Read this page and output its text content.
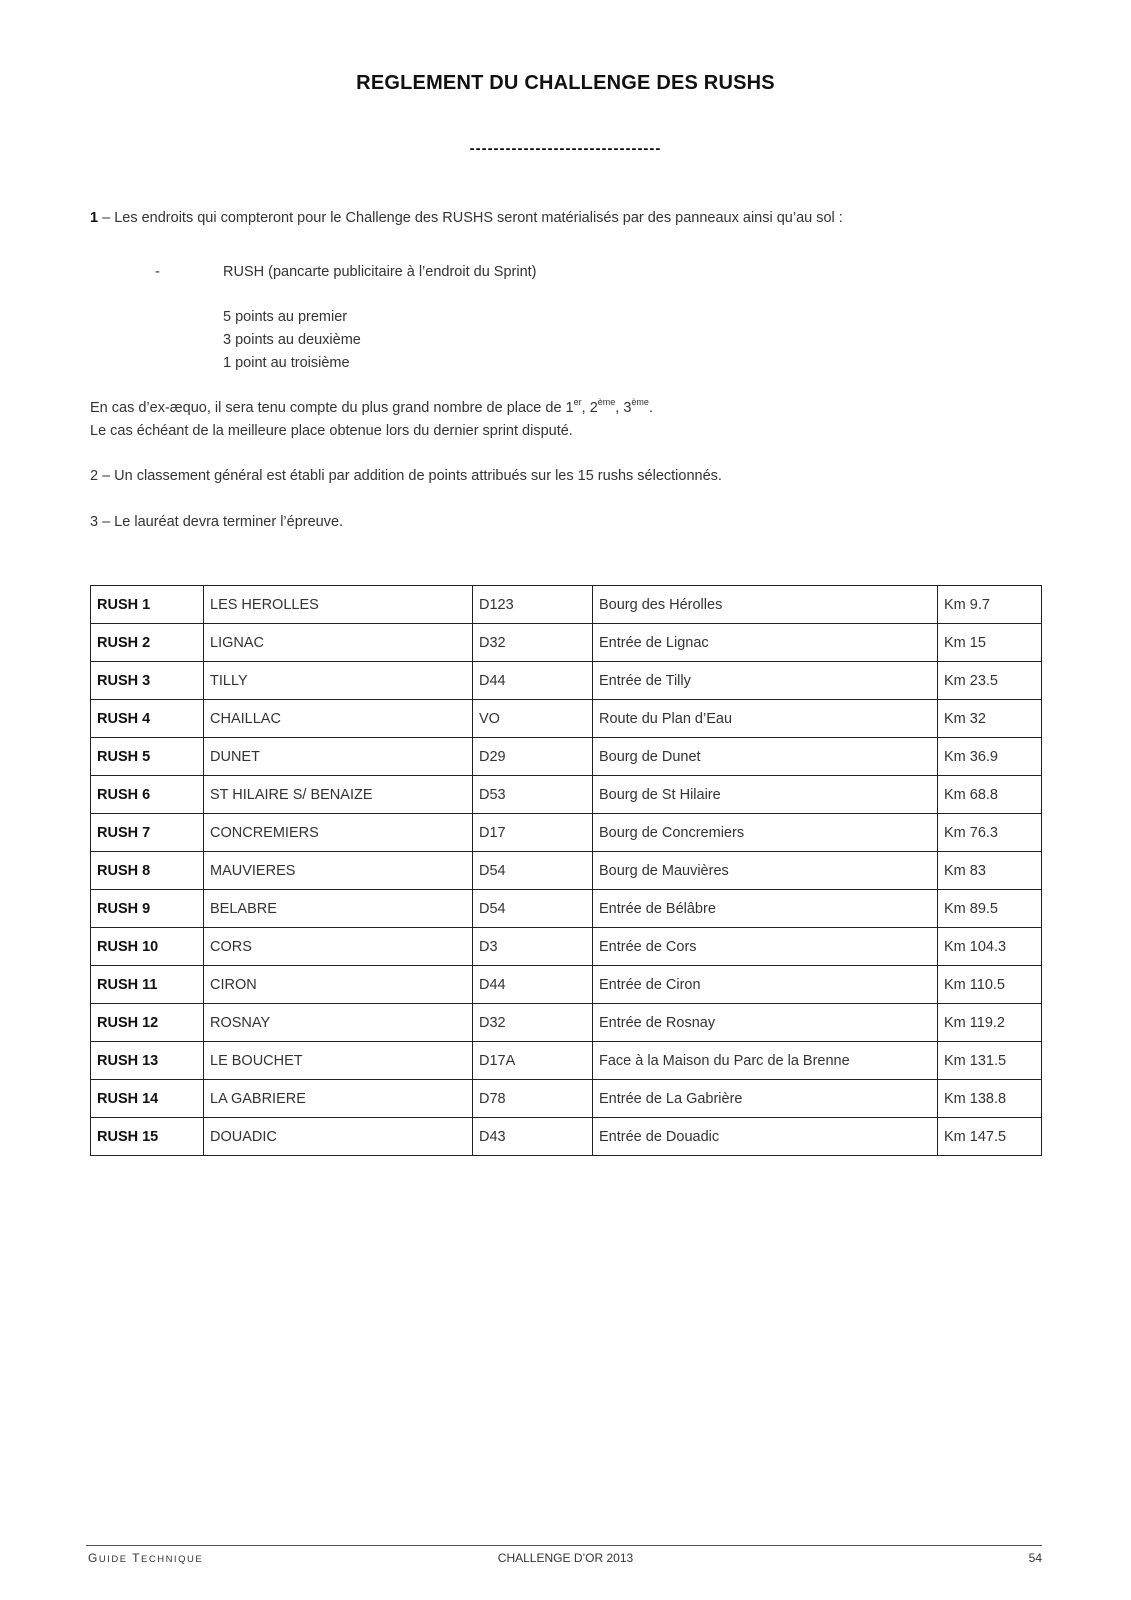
REGLEMENT DU CHALLENGE DES RUSHS
--------------------------------
1 – Les endroits qui compteront pour le Challenge des RUSHS seront matérialisés par des panneaux ainsi qu’au sol :
-	RUSH (pancarte publicitaire à l’endroit du Sprint)
5 points au premier
3 points au deuxième
1 point au troisième
En cas d’ex-æquo, il sera tenu compte du plus grand nombre de place de 1er, 2ème, 3ème.
Le cas échéant de la meilleure place obtenue lors du dernier sprint disputé.
2 – Un classement général est établi par addition de points attribués sur les 15 rushs sélectionnés.
3 – Le lauréat devra terminer l’épreuve.
RUSH 1	LES HEROLLES	D123	Bourg des Hérolles	Km 9.7
RUSH 2	LIGNAC	D32	Entrée de Lignac	Km 15
RUSH 3	TILLY	D44	Entrée de Tilly	Km 23.5
RUSH 4	CHAILLAC	VO	Route du Plan d’Eau	Km 32
RUSH 5	DUNET	D29	Bourg de Dunet	Km 36.9
RUSH 6	ST HILAIRE S/ BENAIZE	D53	Bourg de St Hilaire	Km 68.8
RUSH 7	CONCREMIERS	D17	Bourg de Concremiers	Km 76.3
RUSH 8	MAUVIERES	D54	Bourg de Mauvières	Km 83
RUSH 9	BELABRE	D54	Entrée de Bélâbre	Km 89.5
RUSH 10	CORS	D3	Entrée de Cors	Km 104.3
RUSH 11	CIRON	D44	Entrée de Ciron	Km 110.5
RUSH 12	ROSNAY	D32	Entrée de Rosnay	Km 119.2
RUSH 13	LE BOUCHET	D17A	Face à la Maison du Parc de la Brenne	Km 131.5
RUSH 14	LA GABRIERE	D78	Entrée de La Gabrière	Km 138.8
RUSH 15	DOUADIC	D43	Entrée de Douadic	Km 147.5
GUIDE TECHNIQUE	CHALLENGE D’OR 2013	54
